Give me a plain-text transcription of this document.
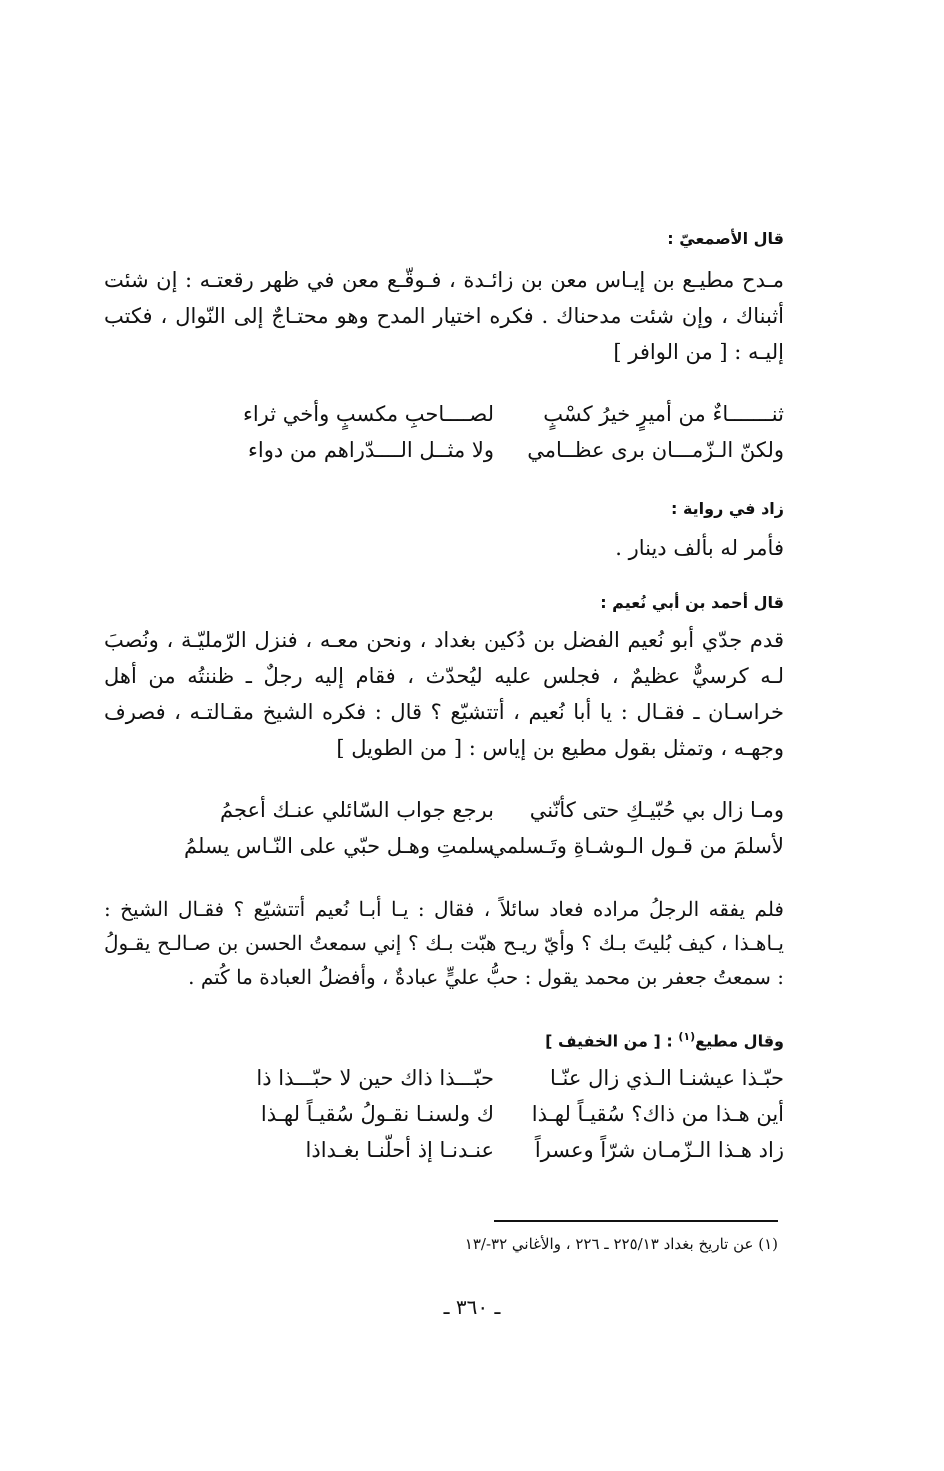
قال الأصمعيّ :
مـدح مطيـع بن إيـاس معن بن زائـدة ، فـوقّـع معن في ظهر رقعتـه : إن شئت أثبناك ، وإن شئت مدحناك . فكره اختيار المدح وهو محتـاجٌ إلى النّوال ، فكتب إليـه : [ من الوافر ]
ثنـــــــاءٌ من أميرٍ خيرُ كسْبٍ
لصــــاحبِ مكسبٍ وأخي ثراء
ولكنّ الـزّمـــان برى عظــامي
ولا مثــل الــــدّراهم من دواء
زاد في رواية :
فأمر له بألف دينار .
قال أحمد بن أبي نُعيم :
قدم جدّي أبو نُعيم الفضل بن دُكين بغداد ، ونحن معـه ، فنزل الرّمليّـة ، ونُصبَ لـه كرسيٌّ عظيمٌ ، فجلس عليه ليُحدّث ، فقام إليه رجلٌ ـ ظننتُه من أهل خراسـان ـ فقـال : يا أبا نُعيم ، أتتشيّع ؟ قال : فكره الشيخ مقـالتـه ، فصرف وجهـه ، وتمثل بقول مطيع بن إياس : [ من الطويل ]
ومـا زال بي حُبّيـكِ حتى كأنّني
برجع جواب السّائلي عنـك أعجمُ
لأسلمَ من قـول الـوشـاةِ وتَـسلمي
سلمتِ وهـل حبّي على النّـاس يسلمُ
فلم يفقه الرجلُ مراده فعاد سائلاً ، فقال : يـا أبـا نُعيم أتتشيّع ؟ فقـال الشيخ : يـاهـذا ، كيف بُليتَ بـك ؟ وأيّ ريـح هبّت بـك ؟ إني سمعتُ الحسن بن صـالـح يقـولُ : سمعتُ جعفر بن محمد يقول : حبُّ عليٍّ عبادةٌ ، وأفضلُ العبادة ما كُتم .
وقال مطيع$^{(١)}$ : [ من الخفيف ]
حبّـذا عيشنـا الـذي زال عنّـا
حبّـــذا ذاك حين لا حبّـــذا ذا
أين هـذا من ذاك؟ سُقيـاً لهـذا
ك ولسنـا نقـولُ سُقيـاً لهـذا
زاد هـذا الـزّمـان شرّاً وعسراً
عنـدنـا إذ أحلّنـا بغـداذا
(١) عن تاريخ بغداد ٢٢٥/١٣ ـ ٢٢٦ ، والأغاني ٣٢-/١٣
ـ ٣٦٠ ـ
